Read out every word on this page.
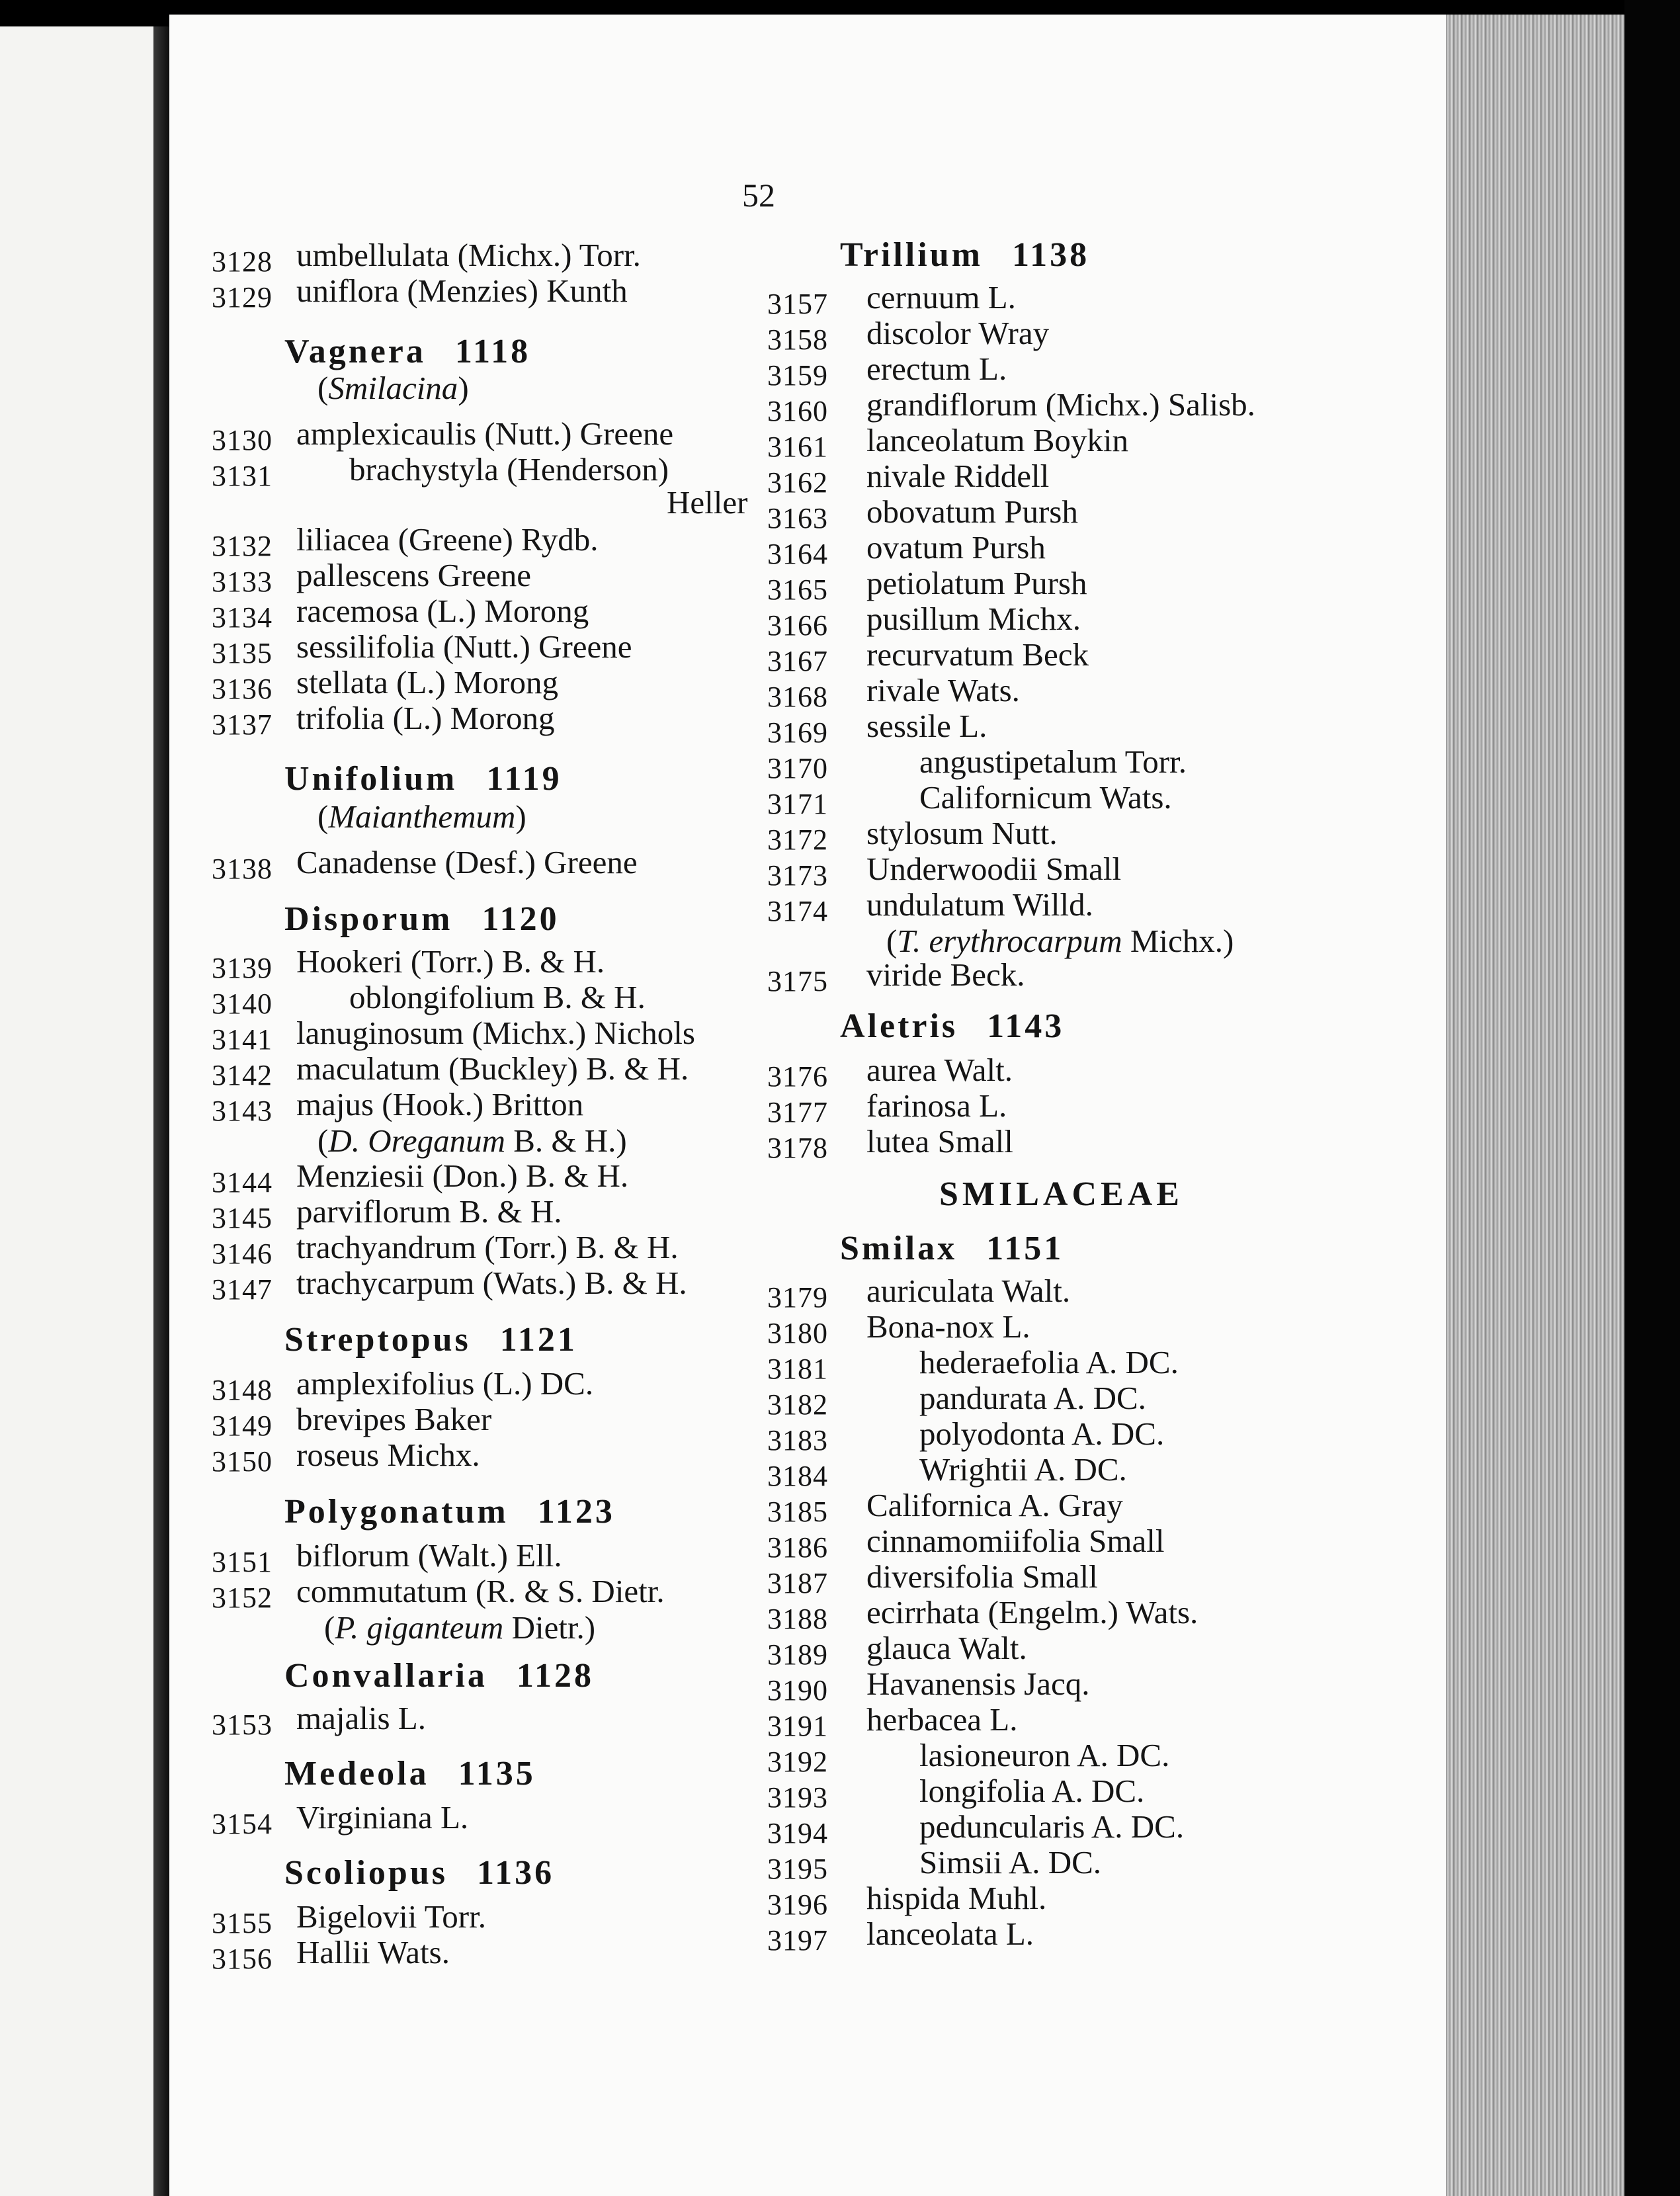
52
3128 umbellulata (Michx.) Torr.
3129 uniflora (Menzies) Kunth
Vagnera 1118
(Smilacina)
3130 amplexicaulis (Nutt.) Greene
3131 brachystyla (Henderson)
Heller
3132 liliacea (Greene) Rydb.
3133 pallescens Greene
3134 racemosa (L.) Morong
3135 sessilifolia (Nutt.) Greene
3136 stellata (L.) Morong
3137 trifolia (L.) Morong
Unifolium 1119
(Maianthemum)
3138 Canadense (Desf.) Greene
Disporum 1120
3139 Hookeri (Torr.) B. & H.
3140 oblongifolium B. & H.
3141 lanuginosum (Michx.) Nichols
3142 maculatum (Buckley) B. & H.
3143 majus (Hook.) Britton
(D. Oreganum B. & H.)
3144 Menziesii (Don.) B. & H.
3145 parviflorum B. & H.
3146 trachyandrum (Torr.) B. & H.
3147 trachycarpum (Wats.) B. & H.
Streptopus 1121
3148 amplexifolius (L.) DC.
3149 brevipes Baker
3150 roseus Michx.
Polygonatum 1123
3151 biflorum (Walt.) Ell.
3152 commutatum (R. & S. Dietr.
(P. giganteum Dietr.)
Convallaria 1128
3153 majalis L.
Medeola 1135
3154 Virginiana L.
Scoliopus 1136
3155 Bigelovii Torr.
3156 Hallii Wats.
Trillium 1138
3157 cernuum L.
3158 discolor Wray
3159 erectum L.
3160 grandiflorum (Michx.) Salisb.
3161 lanceolatum Boykin
3162 nivale Riddell
3163 obovatum Pursh
3164 ovatum Pursh
3165 petiolatum Pursh
3166 pusillum Michx.
3167 recurvatum Beck
3168 rivale Wats.
3169 sessile L.
3170	angustipetalum Torr.
3171	Californicum Wats.
3172 stylosum Nutt.
3173 Underwoodii Small
3174 undulatum Willd.
(T. erythrocarpum Michx.)
3175 viride Beck.
Aletris 1143
3176 aurea Walt.
3177 farinosa L.
3178 lutea Small
SMILACEAE
Smilax 1151
3179 auriculata Walt.
3180 Bona-nox L.
3181	hederaefolia A. DC.
3182	pandurata A. DC.
3183	polyodonta A. DC.
3184	Wrightii A. DC.
3185 Californica A. Gray
3186 cinnamomiifolia Small
3187 diversifolia Small
3188 ecirrhata (Engelm.) Wats.
3189 glauca Walt.
3190 Havanensis Jacq.
3191 herbacea L.
3192	lasioneuron A. DC.
3193	longifolia A. DC.
3194	peduncularis A. DC.
3195	Simsii A. DC.
3196 hispida Muhl.
3197 lanceolata L.
